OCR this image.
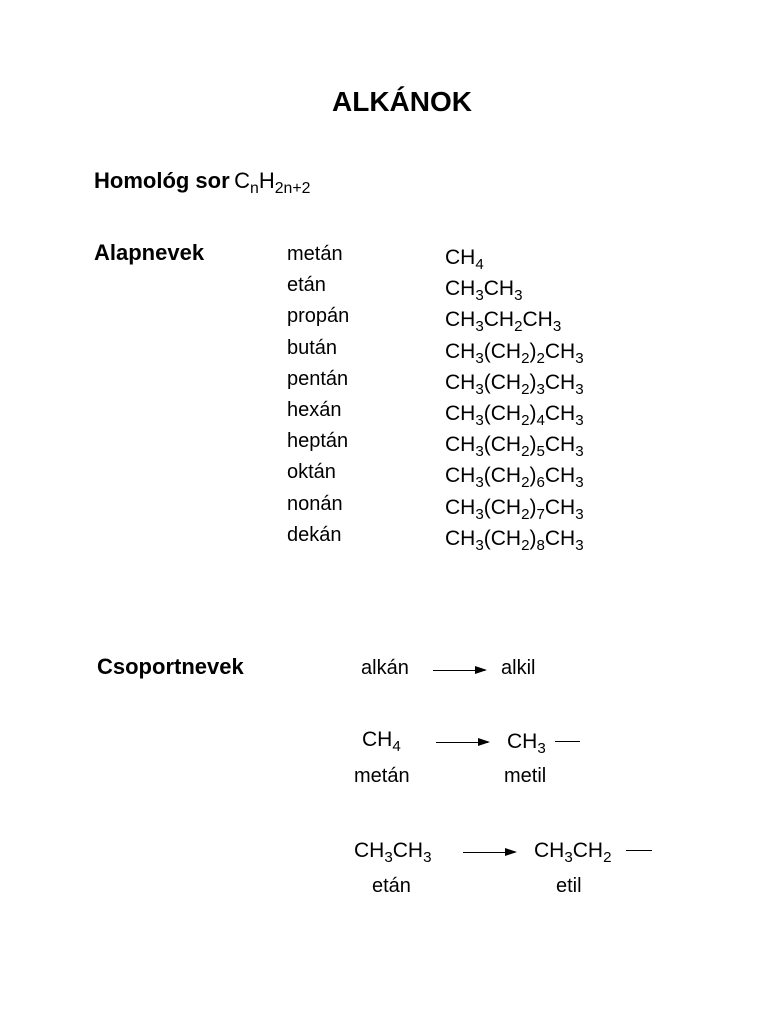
ALKÁNOK
Homológ sor $C_nH_{2n+2}$
Alapnevek	metán	$CH_4$
etán	$CH_3CH_3$
propán	$CH_3CH_2CH_3$
bután	$CH_3(CH_2)_2CH_3$
pentán	$CH_3(CH_2)_3CH_3$
hexán	$CH_3(CH_2)_4CH_3$
heptán	$CH_3(CH_2)_5CH_3$
oktán	$CH_3(CH_2)_6CH_3$
nonán	$CH_3(CH_2)_7CH_3$
dekán	$CH_3(CH_2)_8CH_3$
Csoportnevek	alkán	alkil
$CH_4$	$CH_3$
metán	metil
$CH_3CH_3$	$CH_3CH_2$
etán	etil
